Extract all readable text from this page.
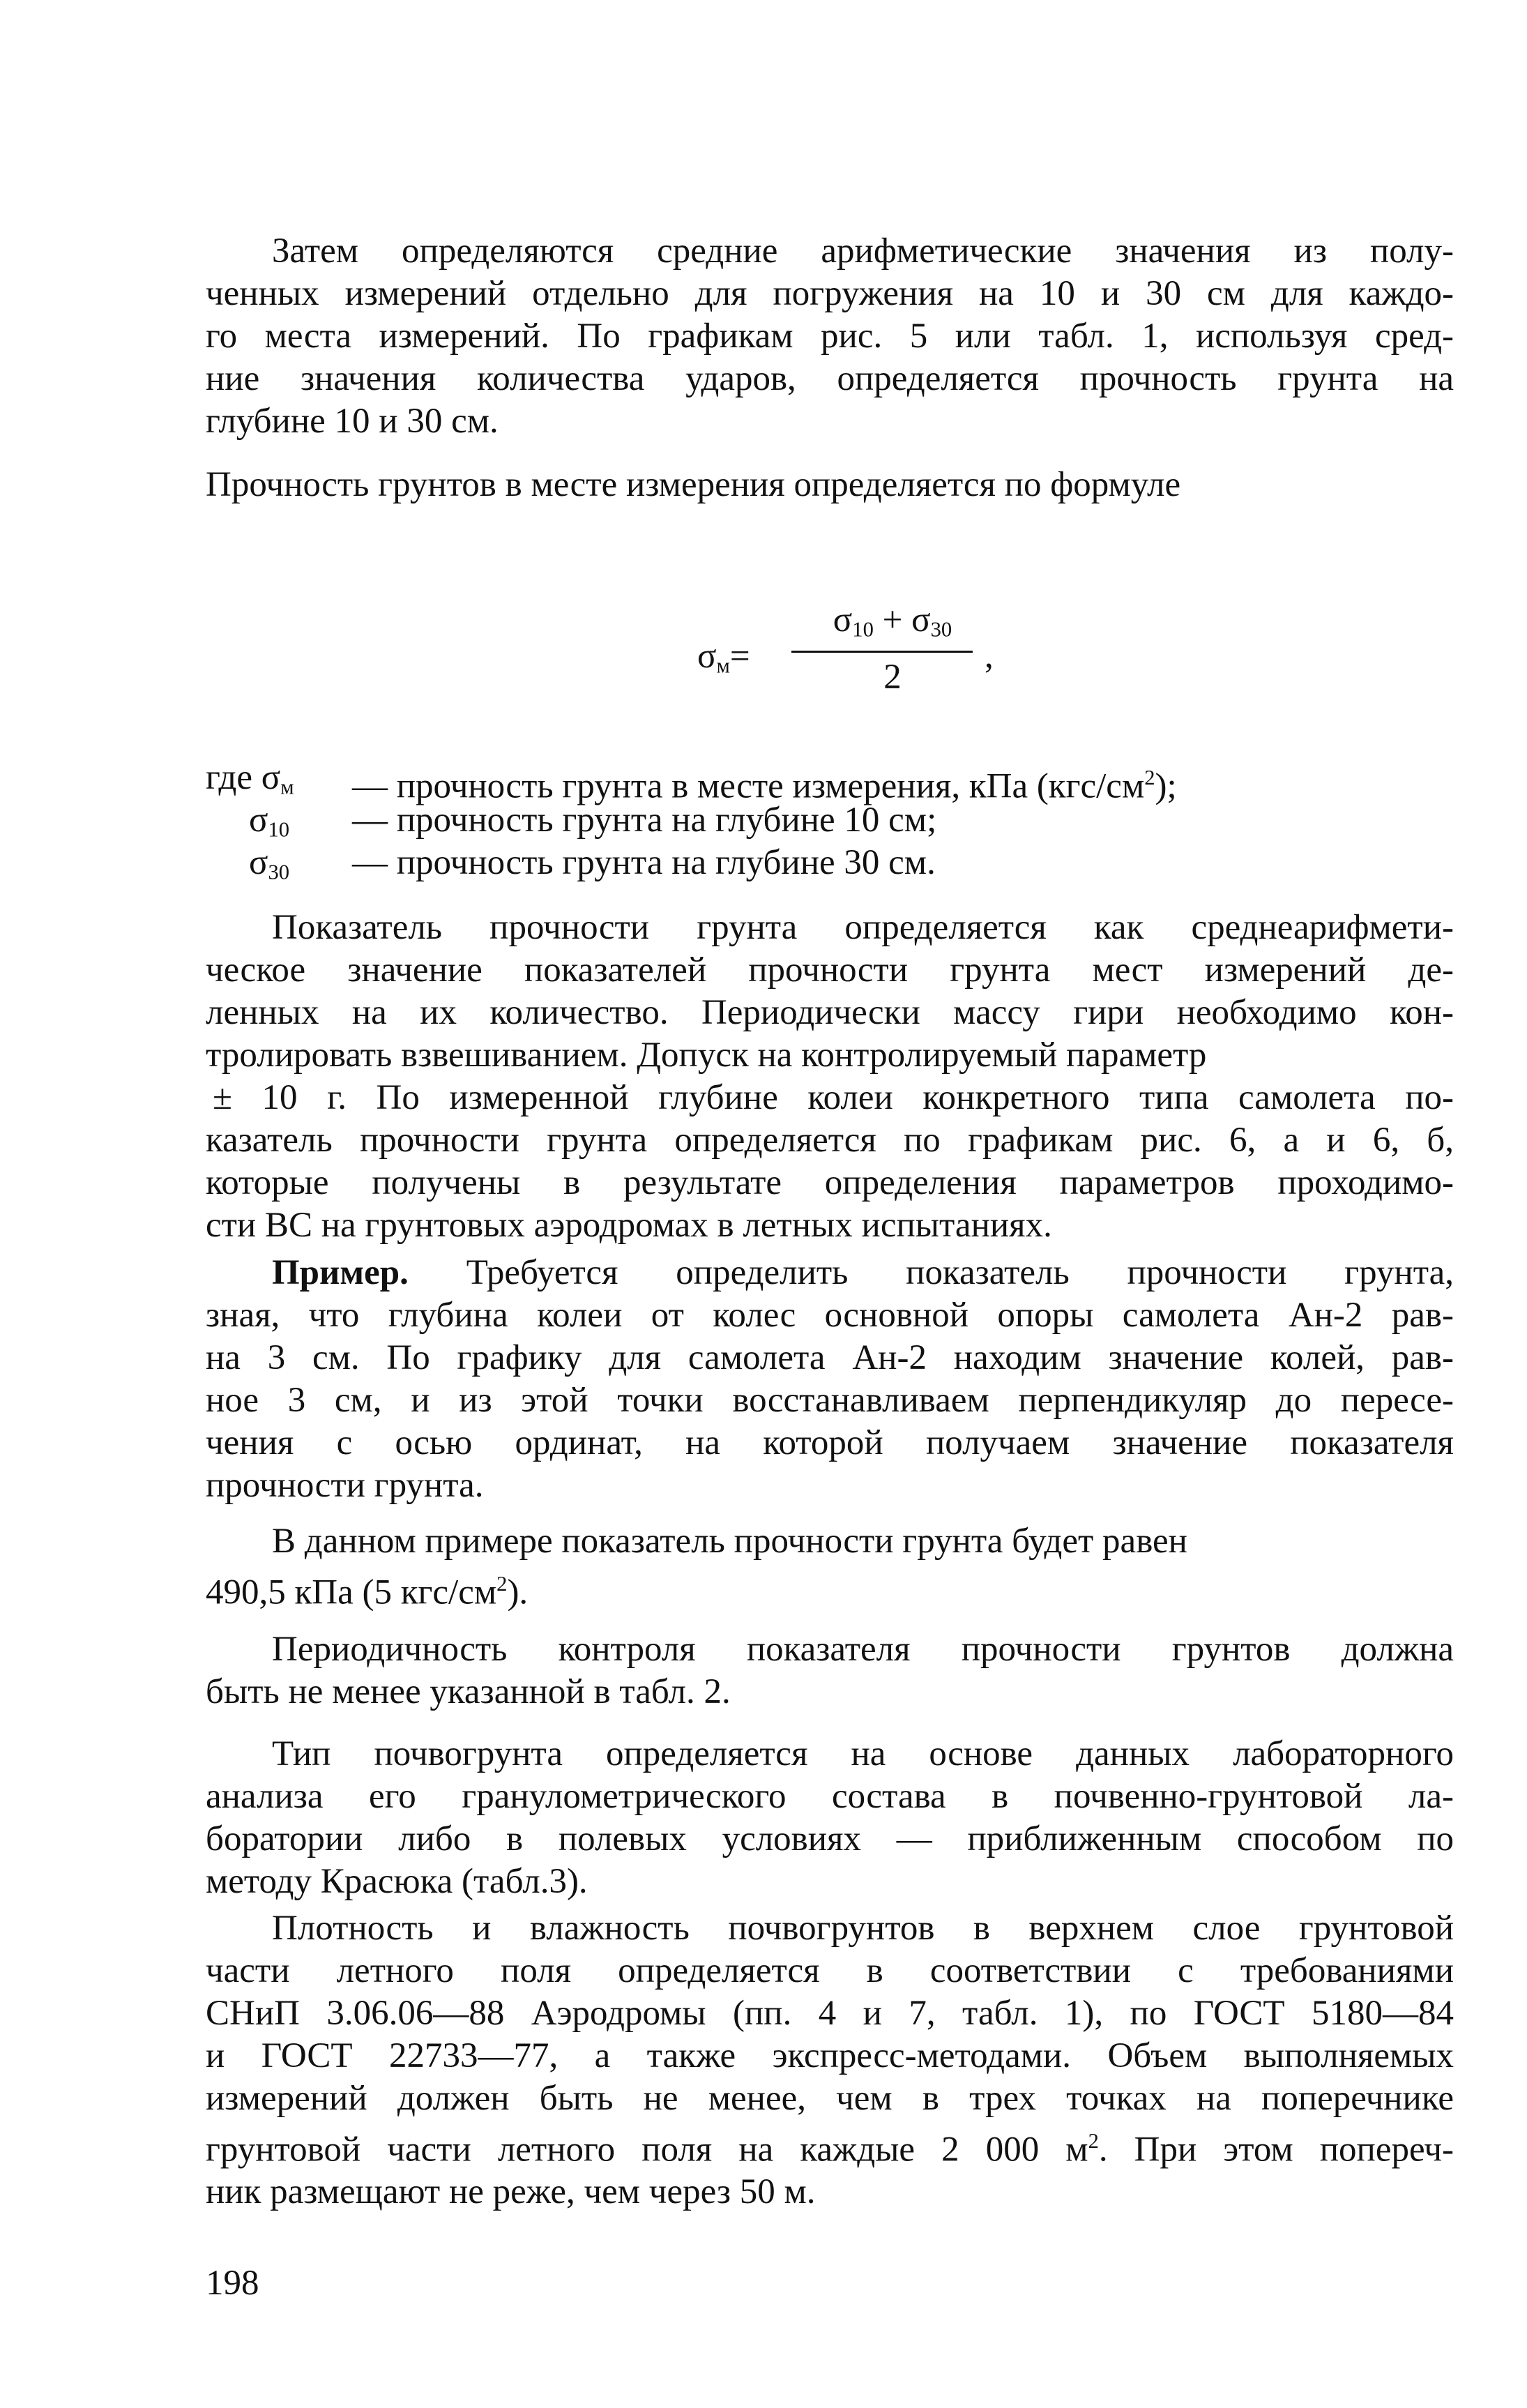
Затем определяются средние арифметические значения из полу-
ченных измерений отдельно для погружения на 10 и 30 см для каждо-
го места измерений. По графикам рис. 5 или табл. 1, используя сред-
ние значения количества ударов, определяется прочность грунта на
глубине 10 и 30 см.

Прочность грунтов в месте измерения определяется по формуле

$\sigma_м=$
$\sigma_{10} + \sigma_{30}$
2
,
где $\sigma_м$	— прочность грунта в месте измерения, кПа $(кгс/см^2)$;
$\sigma_{10}$	— прочность грунта на глубине 10 см;
$\sigma_{30}$	— прочность грунта на глубине 30 см.

Показатель прочности грунта определяется как среднеарифмети-
ческое значение показателей прочности грунта мест измерений де-
ленных на их количество. Периодически массу гири необходимо кон-
тролировать взвешиванием. Допуск на контролируемый параметр
± 10 г. По измеренной глубине колеи конкретного типа самолета по-
казатель прочности грунта определяется по графикам рис. 6, а и 6, б,
которые получены в результате определения параметров проходимо-
сти ВС на грунтовых аэродромах в летных испытаниях.

Пример. Требуется определить показатель прочности грунта,
зная, что глубина колеи от колес основной опоры самолета Ан-2 рав-
на 3 см. По графику для самолета Ан-2 находим значение колей, рав-
ное 3 см, и из этой точки восстанавливаем перпендикуляр до пересе-
чения с осью ординат, на которой получаем значение показателя
прочности грунта.

В данном примере показатель прочности грунта будет равен
490,5 кПа (5 кгс/$см^2$).

Периодичность контроля показателя прочности грунтов должна
быть не менее указанной в табл. 2.

Тип почвогрунта определяется на основе данных лабораторного
анализа его гранулометрического состава в почвенно-грунтовой ла-
боратории либо в полевых условиях — приближенным способом по
методу Красюка (табл.3).

Плотность и влажность почвогрунтов в верхнем слое грунтовой
части летного поля определяется в соответствии с требованиями
СНиП 3.06.06—88 Аэродромы (пп. 4 и 7, табл. 1), по ГОСТ 5180—84
и ГОСТ 22733—77, а также экспресс-методами. Объем выполняемых
измерений должен быть не менее, чем в трех точках на поперечнике
грунтовой части летного поля на каждые 2 000 $м^2$. При этом попереч-
ник размещают не реже, чем через 50 м.

198
